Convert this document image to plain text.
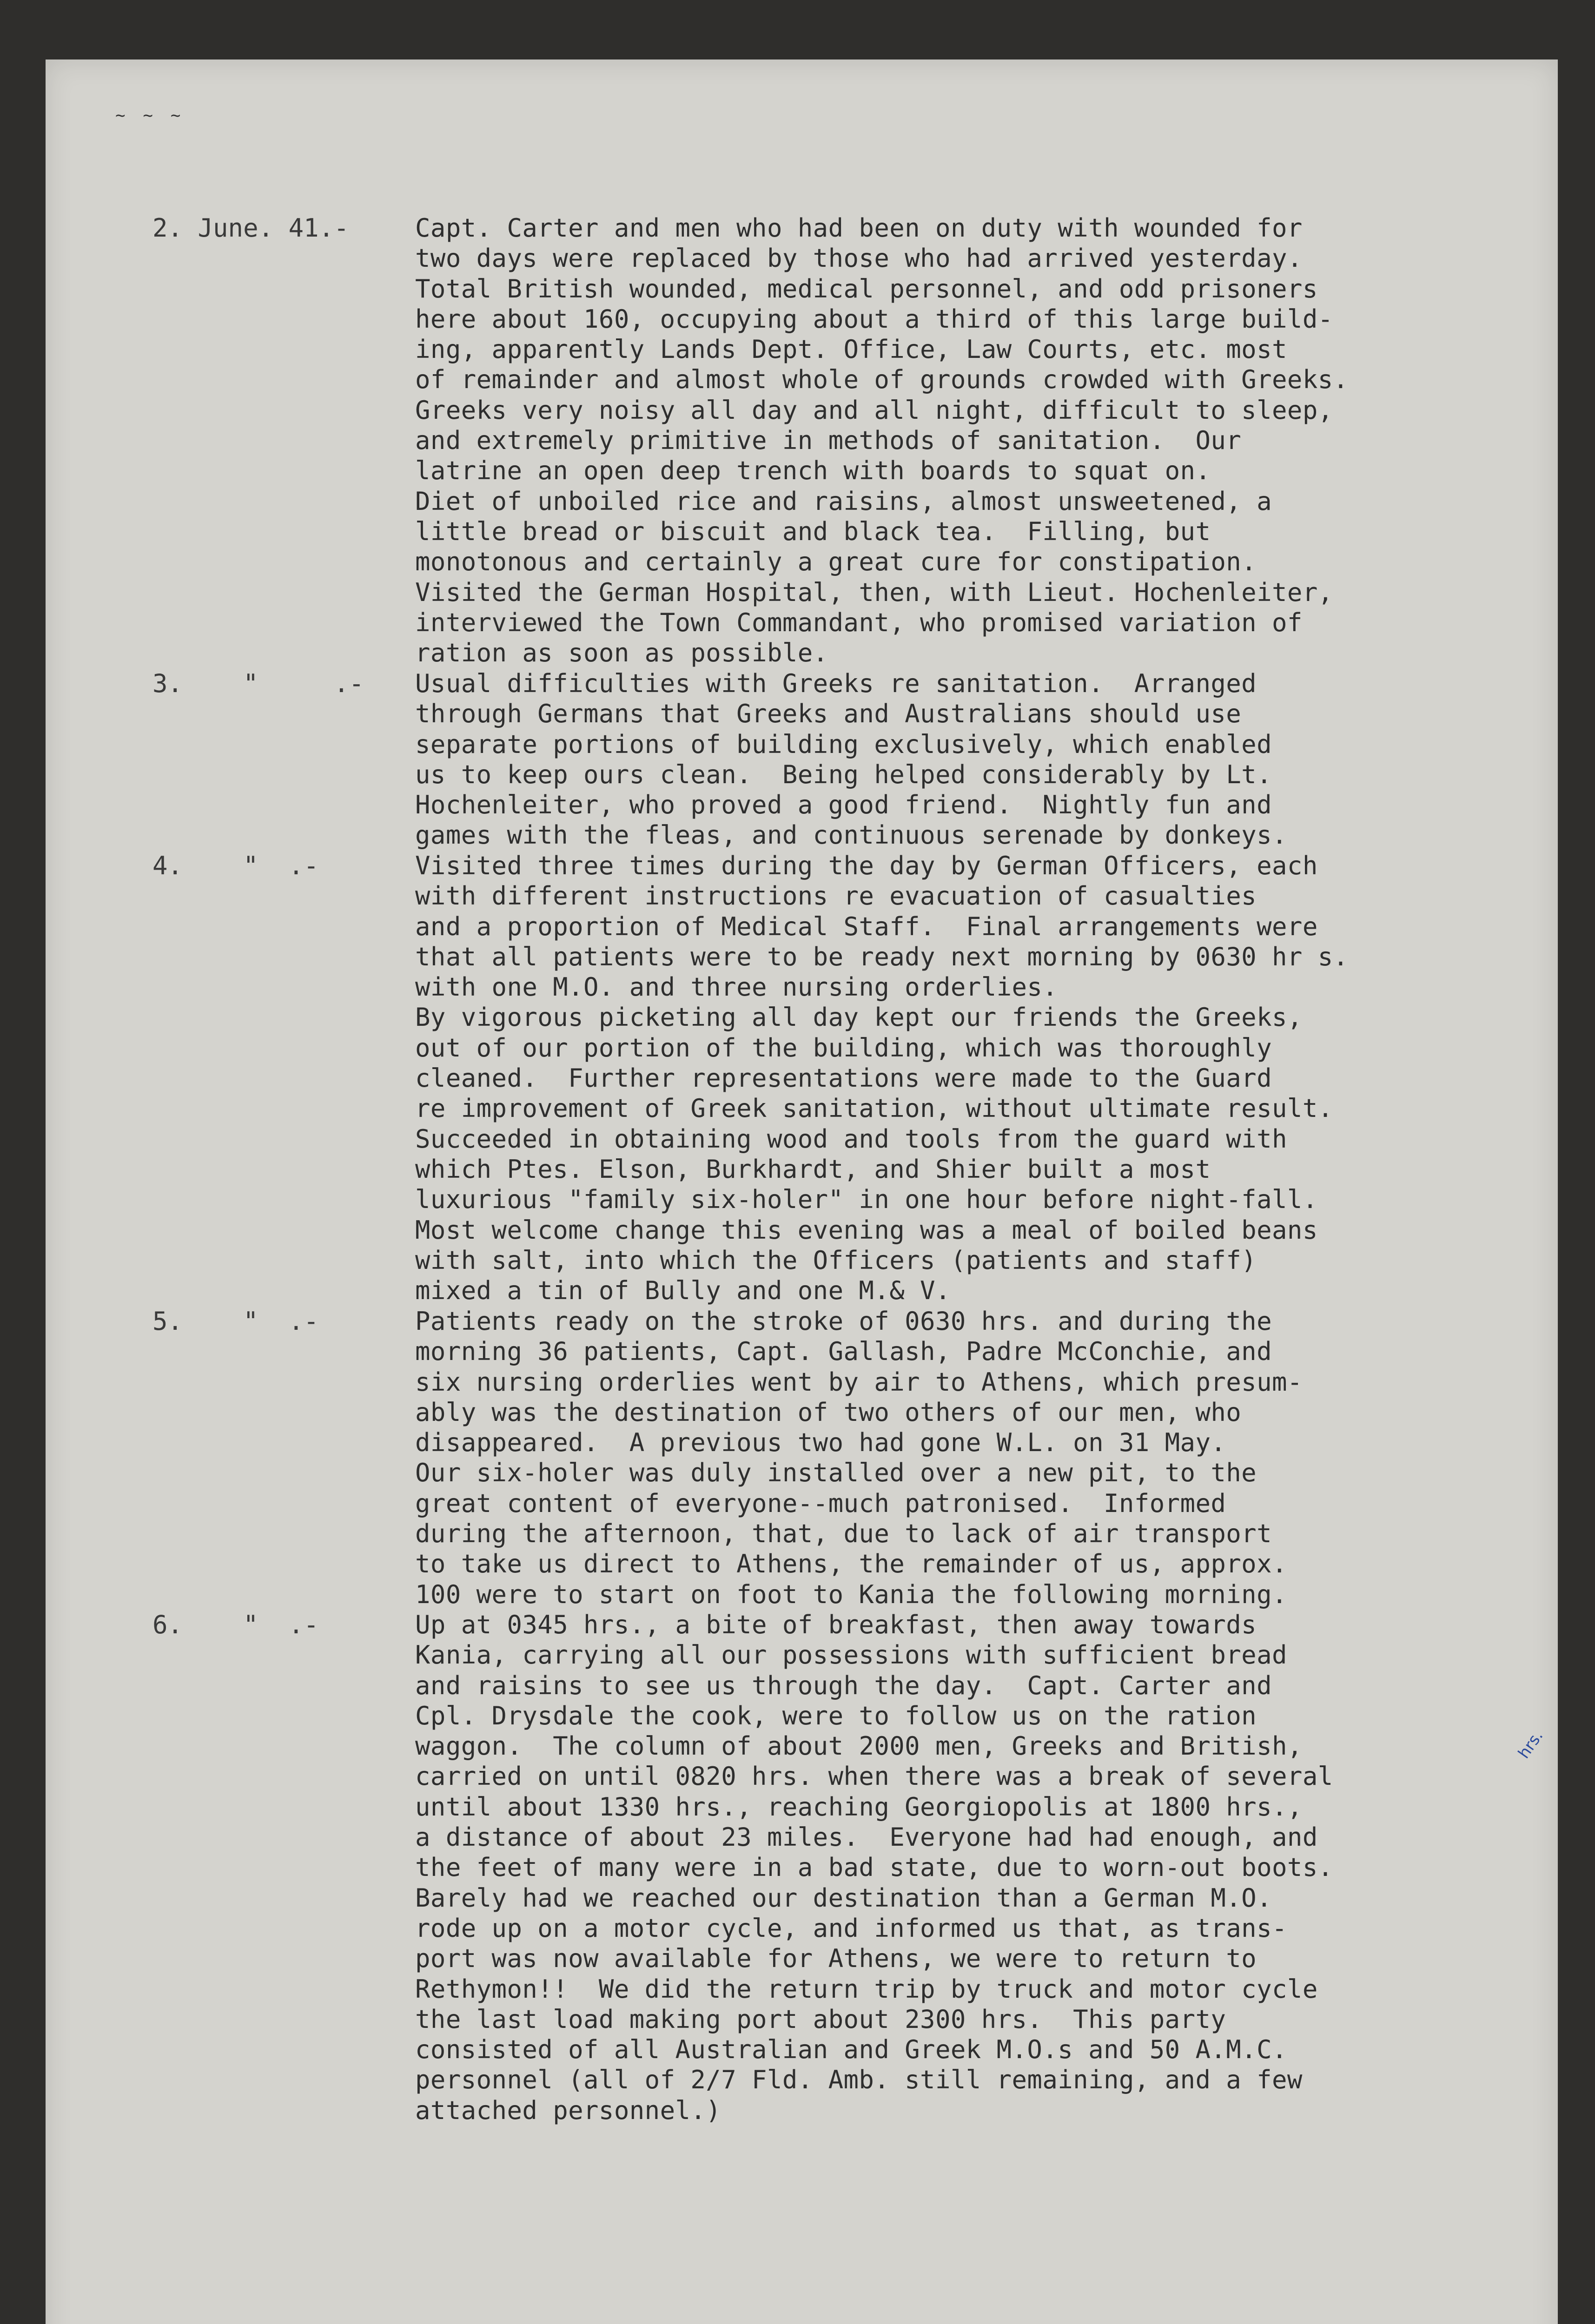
~ ~ ~
2. June. 41.-	Capt. Carter and men who had been on duty with wounded for
two days were replaced by those who had arrived yesterday.
Total British wounded, medical personnel, and odd prisoners
here about 160, occupying about a third of this large build-
ing, apparently Lands Dept. Office, Law Courts, etc. most
of remainder and almost whole of grounds crowded with Greeks.
Greeks very noisy all day and all night, difficult to sleep,
and extremely primitive in methods of sanitation.  Our
latrine an open deep trench with boards to squat on.
Diet of unboiled rice and raisins, almost unsweetened, a
little bread or biscuit and black tea.  Filling, but
monotonous and certainly a great cure for constipation.
Visited the German Hospital, then, with Lieut. Hochenleiter,
interviewed the Town Commandant, who promised variation of
ration as soon as possible.
3.    "     .-	Usual difficulties with Greeks re sanitation.  Arranged
through Germans that Greeks and Australians should use
separate portions of building exclusively, which enabled
us to keep ours clean.  Being helped considerably by Lt.
Hochenleiter, who proved a good friend.  Nightly fun and
games with the fleas, and continuous serenade by donkeys.
4.    "  .-	Visited three times during the day by German Officers, each
with different instructions re evacuation of casualties
and a proportion of Medical Staff.  Final arrangements were
that all patients were to be ready next morning by 0630 hr s.
with one M.O. and three nursing orderlies.
By vigorous picketing all day kept our friends the Greeks,
out of our portion of the building, which was thoroughly
cleaned.  Further representations were made to the Guard
re improvement of Greek sanitation, without ultimate result.
Succeeded in obtaining wood and tools from the guard with
which Ptes. Elson, Burkhardt, and Shier built a most
luxurious "family six-holer" in one hour before night-fall.
Most welcome change this evening was a meal of boiled beans
with salt, into which the Officers (patients and staff)
mixed a tin of Bully and one M.& V.
5.    "  .-	Patients ready on the stroke of 0630 hrs. and during the
morning 36 patients, Capt. Gallash, Padre McConchie, and
six nursing orderlies went by air to Athens, which presum-
ably was the destination of two others of our men, who
disappeared.  A previous two had gone W.L. on 31 May.
Our six-holer was duly installed over a new pit, to the
great content of everyone--much patronised.  Informed
during the afternoon, that, due to lack of air transport
to take us direct to Athens, the remainder of us, approx.
100 were to start on foot to Kania the following morning.
6.    "  .-	Up at 0345 hrs., a bite of breakfast, then away towards
Kania, carrying all our possessions with sufficient bread
and raisins to see us through the day.  Capt. Carter and
Cpl. Drysdale the cook, were to follow us on the ration
waggon.  The column of about 2000 men, Greeks and British,
carried on until 0820 hrs. when there was a break of several
until about 1330 hrs., reaching Georgiopolis at 1800 hrs.,
a distance of about 23 miles.  Everyone had had enough, and
the feet of many were in a bad state, due to worn-out boots.
Barely had we reached our destination than a German M.O.
rode up on a motor cycle, and informed us that, as trans-
port was now available for Athens, we were to return to
Rethymon!!  We did the return trip by truck and motor cycle
the last load making port about 2300 hrs.  This party
consisted of all Australian and Greek M.O.s and 50 A.M.C.
personnel (all of 2/7 Fld. Amb. still remaining, and a few
attached personnel.)
hrs.
